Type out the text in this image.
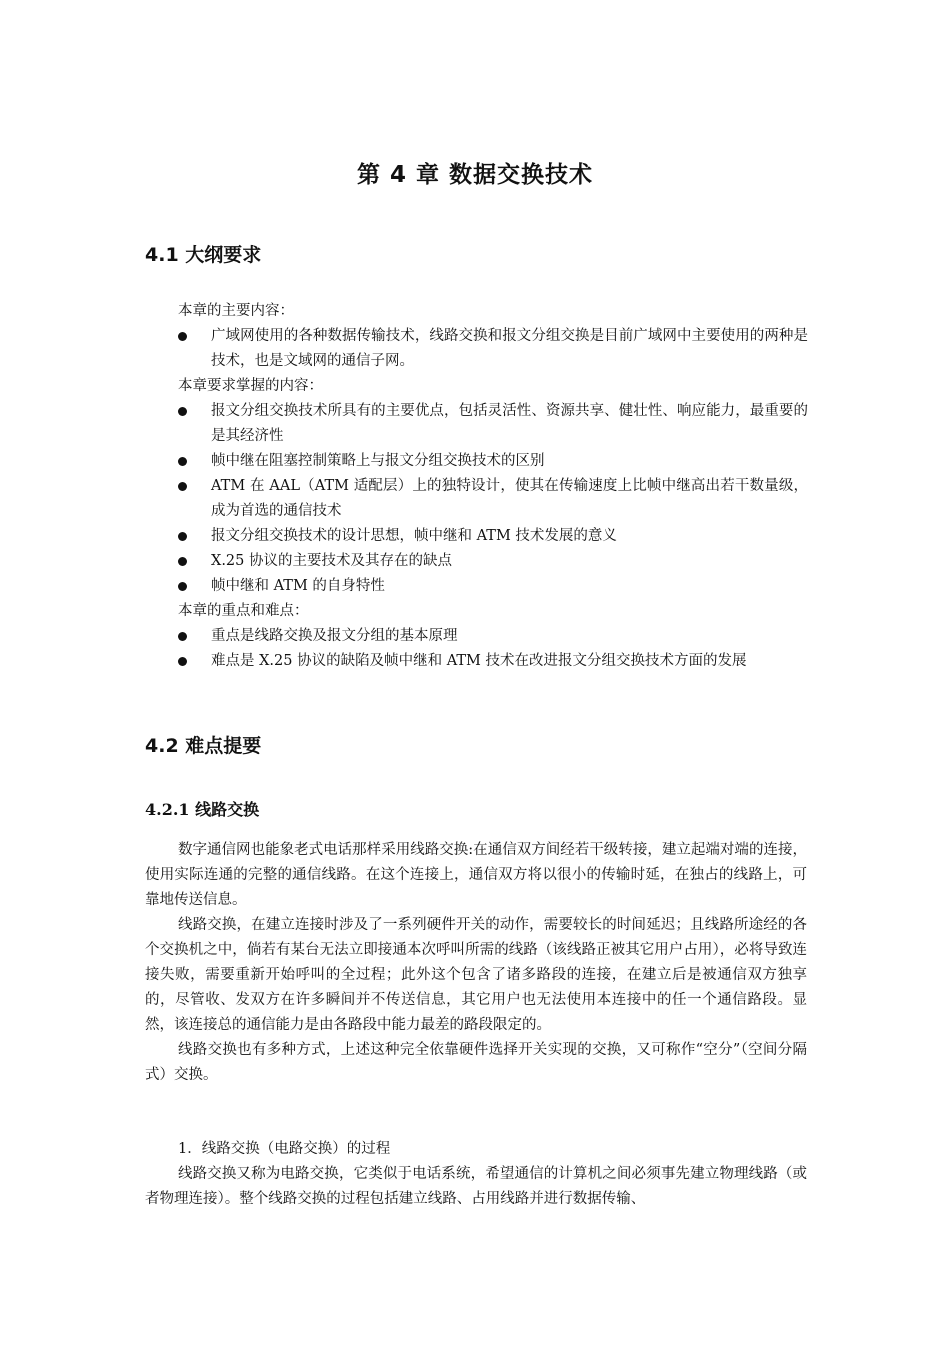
第 4 章 数据交换技术
4.1 大纲要求

本章的主要内容：

广域网使用的各种数据传输技术，线路交换和报文分组交换是目前广域网中主要使用的两种是技术，也是文域网的通信子网。

本章要求掌握的内容：

报文分组交换技术所具有的主要优点，包括灵活性、资源共享、健壮性、响应能力，最重要的是其经济性

帧中继在阻塞控制策略上与报文分组交换技术的区别

ATM 在 AAL（ATM 适配层）上的独特设计，使其在传输速度上比帧中继高出若干数量级，成为首选的通信技术

报文分组交换技术的设计思想，帧中继和 ATM 技术发展的意义

X.25 协议的主要技术及其存在的缺点

帧中继和 ATM 的自身特性

本章的重点和难点：

重点是线路交换及报文分组的基本原理

难点是 X.25 协议的缺陷及帧中继和 ATM 技术在改进报文分组交换技术方面的发展

4.2 难点提要
4.2.1 线路交换

数字通信网也能象老式电话那样采用线路交换:在通信双方间经若干级转接，建立起端对端的连接，使用实际连通的完整的通信线路。在这个连接上，通信双方将以很小的传输时延，在独占的线路上，可靠地传送信息。

线路交换，在建立连接时涉及了一系列硬件开关的动作，需要较长的时间延迟；且线路所途经的各个交换机之中，倘若有某台无法立即接通本次呼叫所需的线路（该线路正被其它用户占用），必将导致连接失败，需要重新开始呼叫的全过程；此外这个包含了诸多路段的连接，在建立后是被通信双方独享的，尽管收、发双方在许多瞬间并不传送信息，其它用户也无法使用本连接中的任一个通信路段。显然，该连接总的通信能力是由各路段中能力最差的路段限定的。

线路交换也有多种方式，上述这种完全依靠硬件选择开关实现的交换，又可称作“空分”（空间分隔式）交换。

1．线路交换（电路交换）的过程

线路交换又称为电路交换，它类似于电话系统，希望通信的计算机之间必须事先建立物理线路（或者物理连接）。整个线路交换的过程包括建立线路、占用线路并进行数据传输、
